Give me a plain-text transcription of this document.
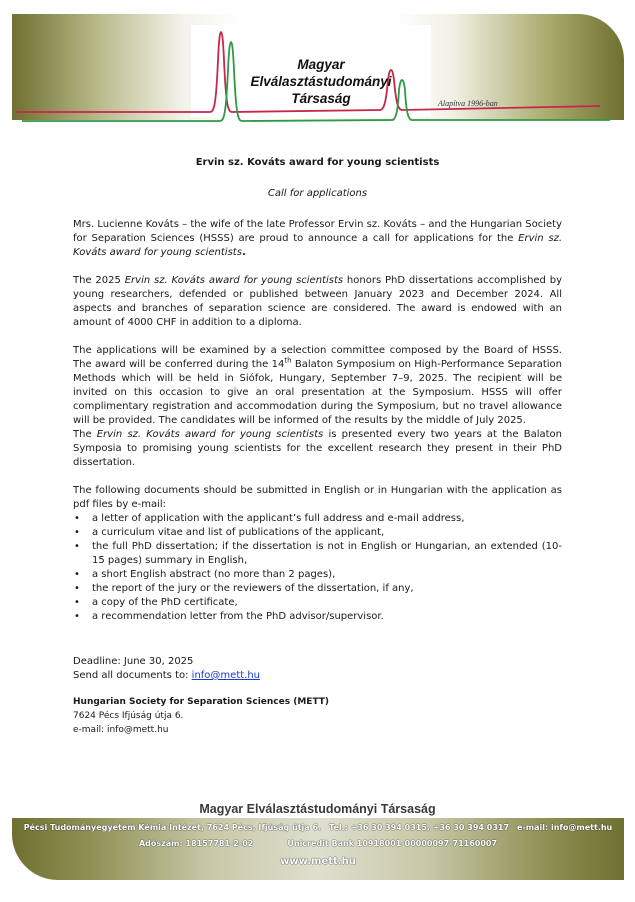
Magyar
Elválasztástudományi
Társaság	Alapítva 1996-ban

Ervin sz. Kováts award for young scientists

Call for applications

Mrs. Lucienne Kováts – the wife of the late Professor Ervin sz. Kováts – and the Hungarian Society for Separation Sciences (HSSS) are proud to announce a call for applications for the Ervin sz. Kováts award for young scientists.

The 2025 Ervin sz. Kováts award for young scientists honors PhD dissertations accomplished by young researchers, defended or published between January 2023 and December 2024. All aspects and branches of separation science are considered. The award is endowed with an amount of 4000 CHF in addition to a diploma.

The applications will be examined by a selection committee composed by the Board of HSSS. The award will be conferred during the 14th Balaton Symposium on High-Performance Separation Methods which will be held in Siófok, Hungary, September 7–9, 2025. The recipient will be invited on this occasion to give an oral presentation at the Symposium. HSSS will offer complimentary registration and accommodation during the Symposium, but no travel allowance will be provided. The candidates will be informed of the results by the middle of July 2025.

The Ervin sz. Kováts award for young scientists is presented every two years at the Balaton Symposia to promising young scientists for the excellent research they present in their PhD dissertation.

The following documents should be submitted in English or in Hungarian with the application as pdf files by e-mail:

• a letter of application with the applicant’s full address and e-mail address,
• a curriculum vitae and list of publications of the applicant,
• the full PhD dissertation; if the dissertation is not in English or Hungarian, an extended (10-15 pages) summary in English,
• a short English abstract (no more than 2 pages),
• the report of the jury or the reviewers of the dissertation, if any,
• a copy of the PhD certificate,
• a recommendation letter from the PhD advisor/supervisor.

Deadline: June 30, 2025

Send all documents to: info@mett.hu

Hungarian Society for Separation Sciences (METT)
7624 Pécs Ifjúság útja 6.
e-mail: info@mett.hu

Magyar Elválasztástudományi Társaság
Pécsi Tudományegyetem Kémia Intézet, 7624 Pécs, Ifjúság útja 6. Tel.: +36 30 394 0315, +36 30 394 0317 e-mail: info@mett.hu
Adószám: 18157781-2-02	Unicredit Bank 10918001-00000097-71160007
www.mett.hu
